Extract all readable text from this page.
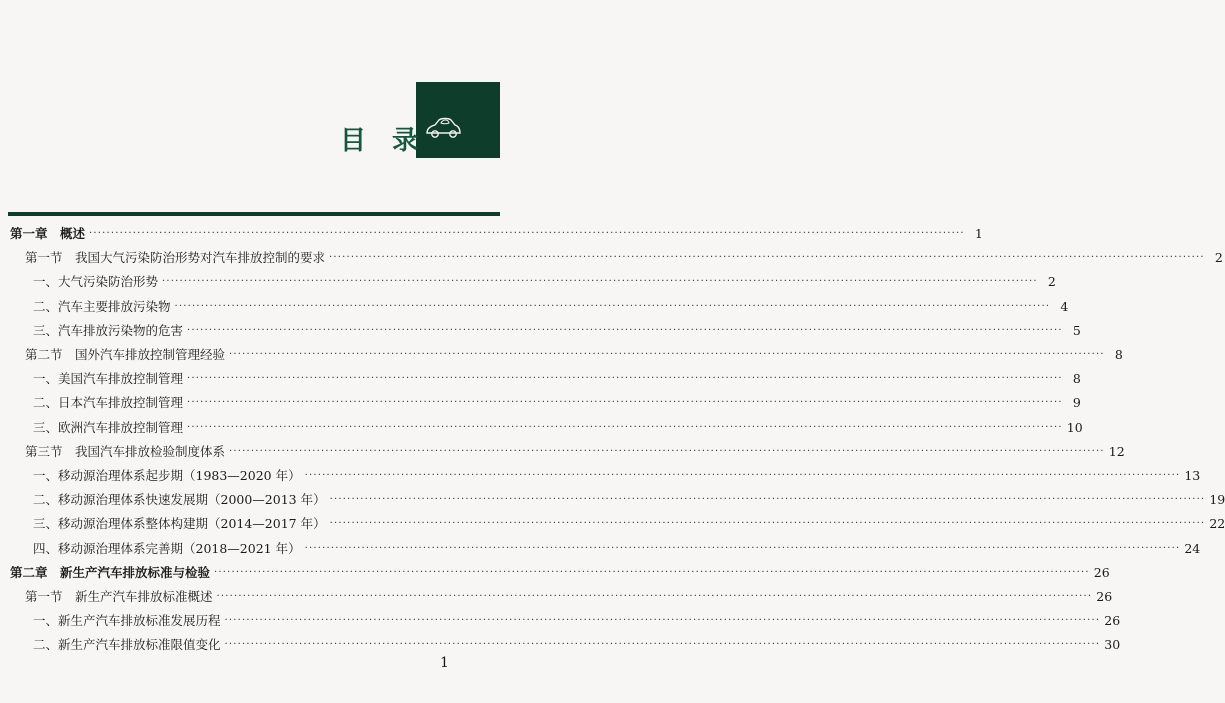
目 录
第一章　概述 ········································································································································································································ 1
第一节　我国大气污染防治形势对汽车排放控制的要求 ········································································································································································································ 2
一、大气污染防治形势 ········································································································································································································ 2
二、汽车主要排放污染物 ········································································································································································································ 4
三、汽车排放污染物的危害 ········································································································································································································ 5
第二节　国外汽车排放控制管理经验 ········································································································································································································ 8
一、美国汽车排放控制管理 ········································································································································································································ 8
二、日本汽车排放控制管理 ········································································································································································································ 9
三、欧洲汽车排放控制管理 ········································································································································································································ 10
第三节　我国汽车排放检验制度体系 ········································································································································································································ 12
一、移动源治理体系起步期（1983—2020 年） ········································································································································································································ 13
二、移动源治理体系快速发展期（2000—2013 年） ········································································································································································································ 19
三、移动源治理体系整体构建期（2014—2017 年） ········································································································································································································ 22
四、移动源治理体系完善期（2018—2021 年） ········································································································································································································ 24
第二章　新生产汽车排放标准与检验 ········································································································································································································ 26
第一节　新生产汽车排放标准概述 ········································································································································································································ 26
一、新生产汽车排放标准发展历程 ········································································································································································································ 26
二、新生产汽车排放标准限值变化 ········································································································································································································ 30
1
